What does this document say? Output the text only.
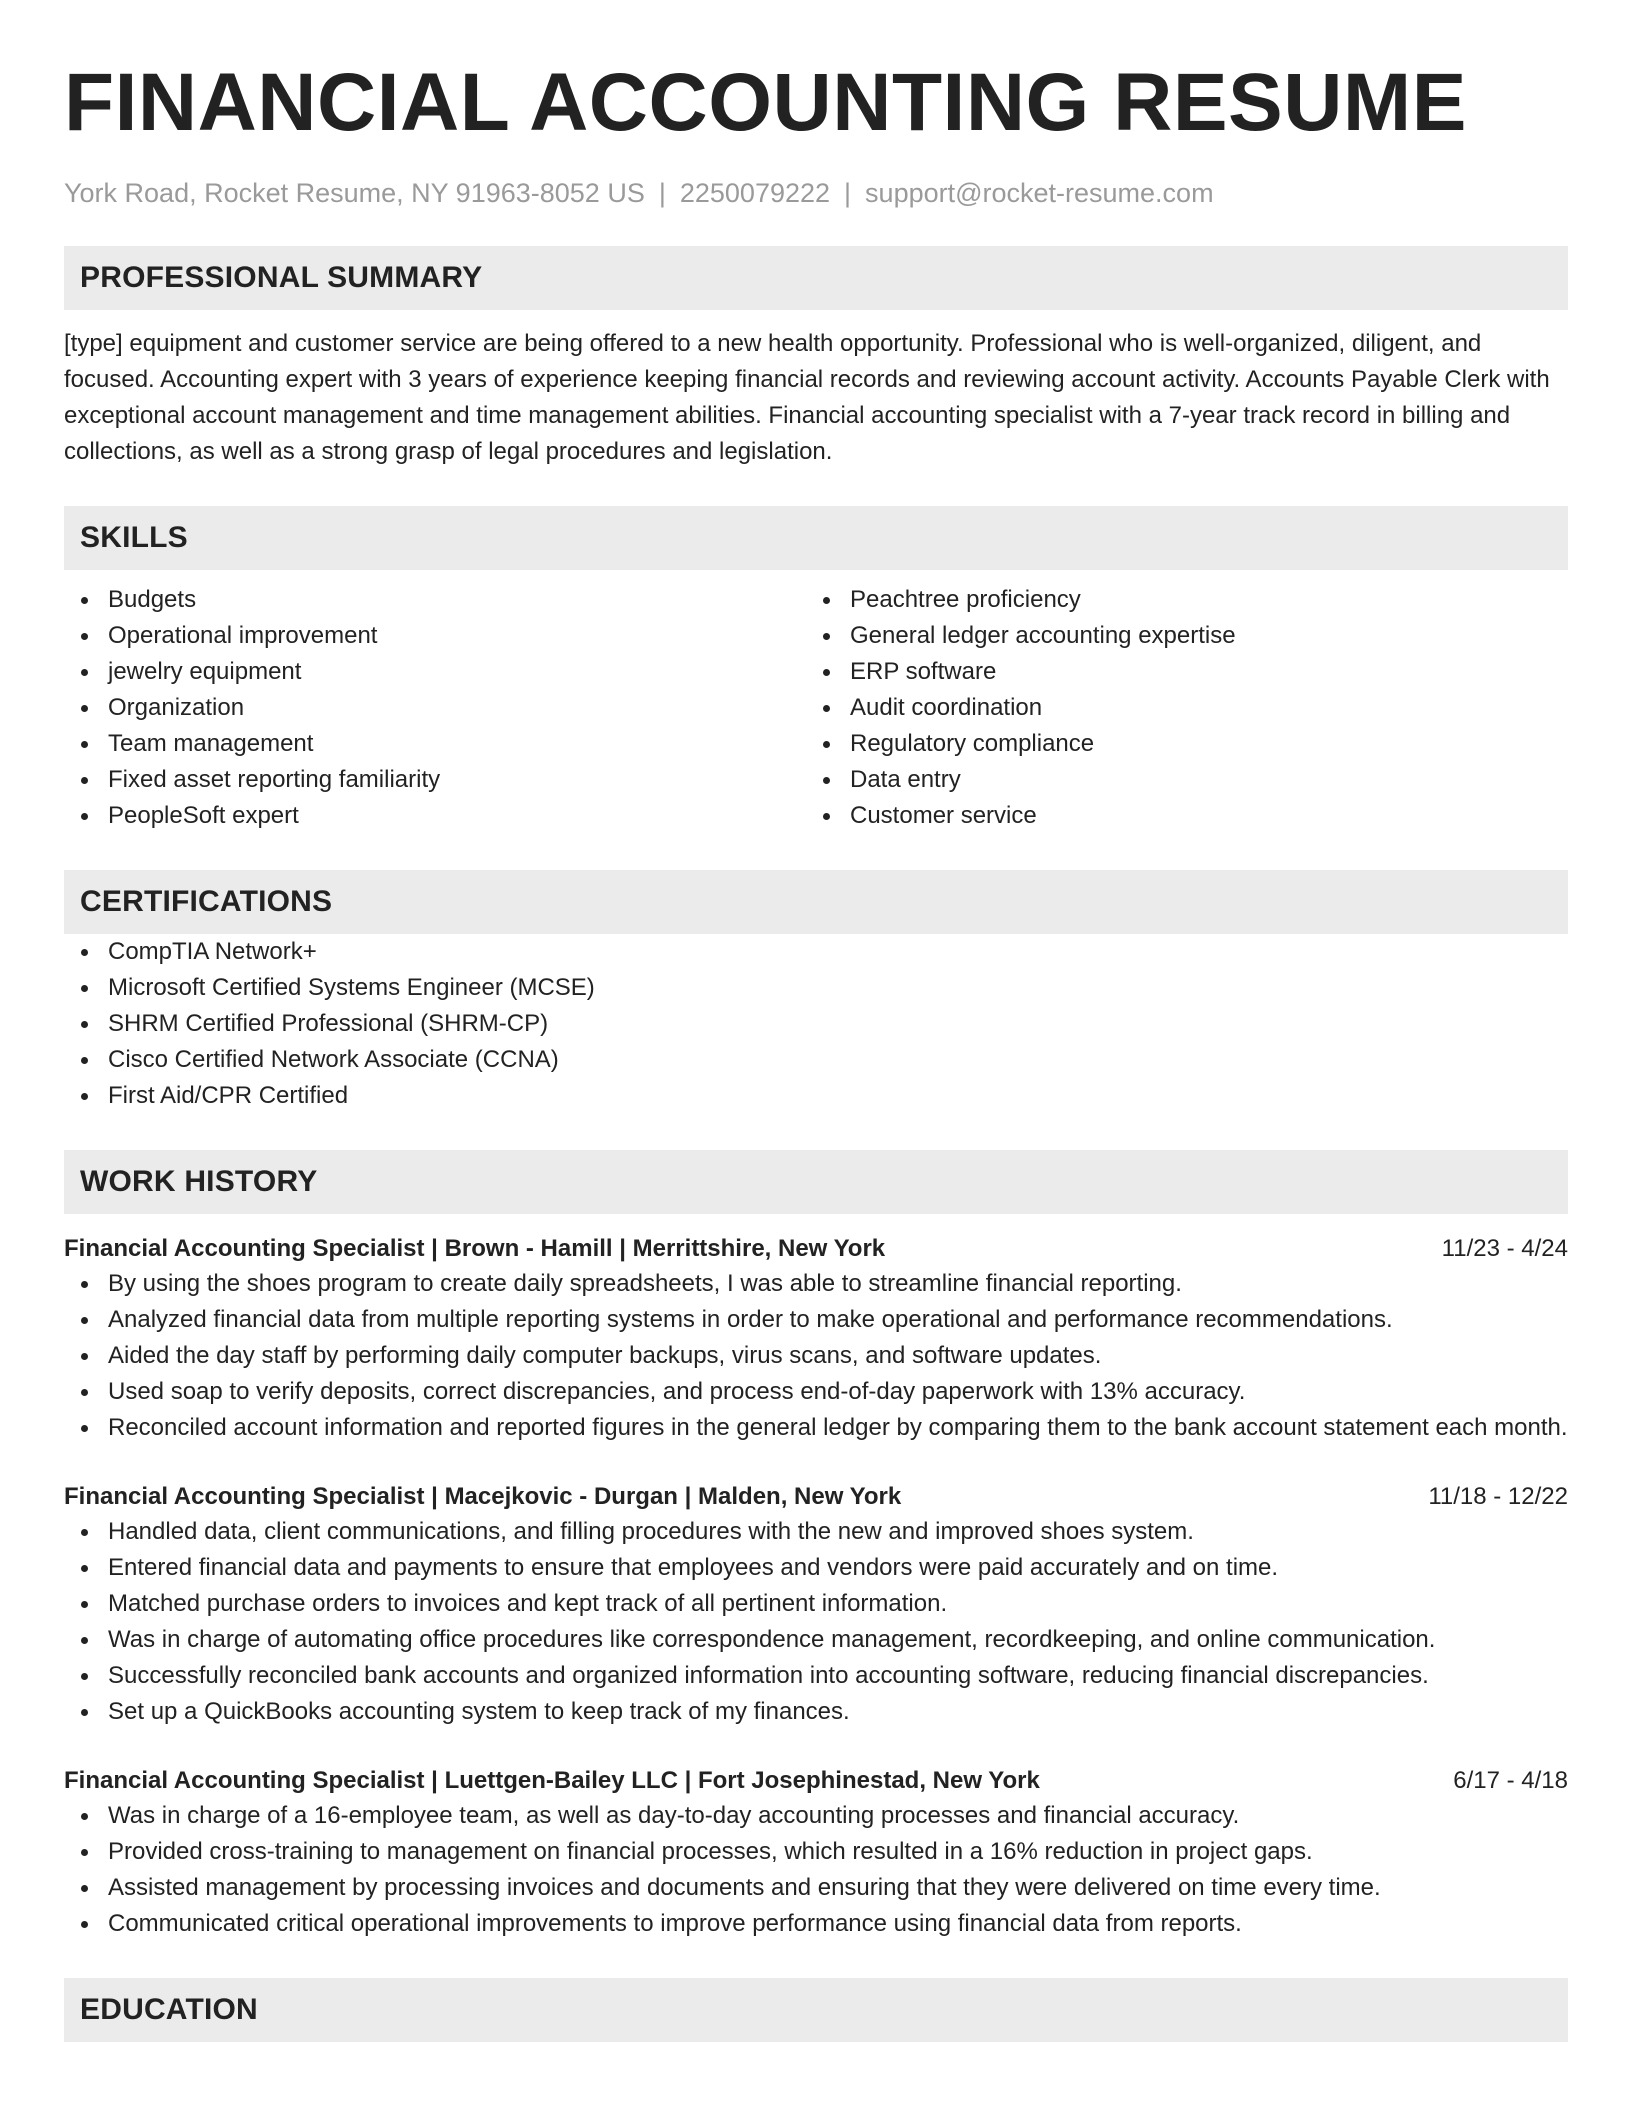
FINANCIAL ACCOUNTING RESUME
York Road, Rocket Resume, NY 91963-8052 US | 2250079222 | support@rocket-resume.com
PROFESSIONAL SUMMARY

[type] equipment and customer service are being offered to a new health opportunity. Professional who is well-organized, diligent, and focused. Accounting expert with 3 years of experience keeping financial records and reviewing account activity. Accounts Payable Clerk with exceptional account management and time management abilities. Financial accounting specialist with a 7-year track record in billing and collections, as well as a strong grasp of legal procedures and legislation.

SKILLS
Budgets
Operational improvement
jewelry equipment
Organization
Team management
Fixed asset reporting familiarity
PeopleSoft expert
Peachtree proficiency
General ledger accounting expertise
ERP software
Audit coordination
Regulatory compliance
Data entry
Customer service
CERTIFICATIONS
CompTIA Network+
Microsoft Certified Systems Engineer (MCSE)
SHRM Certified Professional (SHRM-CP)
Cisco Certified Network Associate (CCNA)
First Aid/CPR Certified
WORK HISTORY
Financial Accounting Specialist | Brown - Hamill | Merrittshire, New York	11/23 - 4/24
By using the shoes program to create daily spreadsheets, I was able to streamline financial reporting.
Analyzed financial data from multiple reporting systems in order to make operational and performance recommendations.
Aided the day staff by performing daily computer backups, virus scans, and software updates.
Used soap to verify deposits, correct discrepancies, and process end-of-day paperwork with 13% accuracy.
Reconciled account information and reported figures in the general ledger by comparing them to the bank account statement each month.
Financial Accounting Specialist | Macejkovic - Durgan | Malden, New York	11/18 - 12/22
Handled data, client communications, and filling procedures with the new and improved shoes system.
Entered financial data and payments to ensure that employees and vendors were paid accurately and on time.
Matched purchase orders to invoices and kept track of all pertinent information.
Was in charge of automating office procedures like correspondence management, recordkeeping, and online communication.
Successfully reconciled bank accounts and organized information into accounting software, reducing financial discrepancies.
Set up a QuickBooks accounting system to keep track of my finances.
Financial Accounting Specialist | Luettgen-Bailey LLC | Fort Josephinestad, New York	6/17 - 4/18
Was in charge of a 16-employee team, as well as day-to-day accounting processes and financial accuracy.
Provided cross-training to management on financial processes, which resulted in a 16% reduction in project gaps.
Assisted management by processing invoices and documents and ensuring that they were delivered on time every time.
Communicated critical operational improvements to improve performance using financial data from reports.
EDUCATION
